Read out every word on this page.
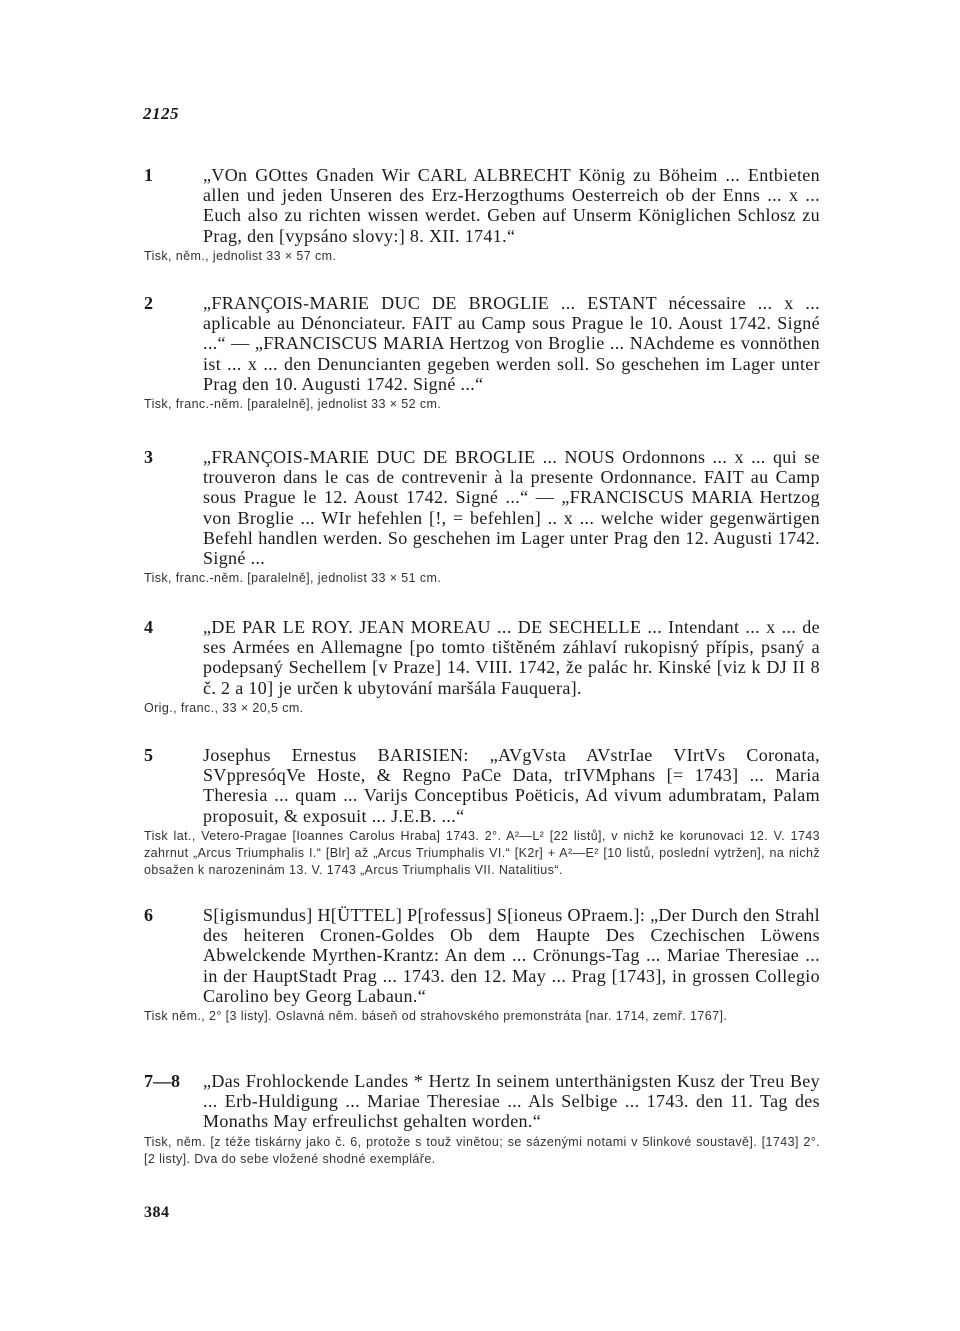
2125
1	„VOn GOttes Gnaden Wir CARL ALBRECHT König zu Böheim ... Entbieten allen und jeden Unseren des Erz-Herzogthums Oesterreich ob der Enns ... x ... Euch also zu richten wissen werdet. Geben auf Unserm Königlichen Schlosz zu Prag, den [vypsáno slovy:] 8. XII. 1741.“
Tisk, něm., jednolist 33 × 57 cm.
2	„FRANÇOIS-MARIE DUC DE BROGLIE ... ESTANT nécessaire ... x ... aplicable au Dénonciateur. FAIT au Camp sous Prague le 10. Aoust 1742. Signé ...“ — „FRANCISCUS MARIA Hertzog von Broglie ... NAchdeme es vonnöthen ist ... x ... den Denuncianten gegeben werden soll. So geschehen im Lager unter Prag den 10. Augusti 1742. Signé ...“
Tisk, franc.-něm. [paralelně], jednolist 33 × 52 cm.
3	„FRANÇOIS-MARIE DUC DE BROGLIE ... NOUS Ordonnons ... x ... qui se trouveron dans le cas de contrevenir à la presente Ordonnance. FAIT au Camp sous Prague le 12. Aoust 1742. Signé ...“ — „FRANCISCUS MARIA Hertzog von Broglie ... WIr hefehlen [!, = befehlen] .. x ... welche wider gegenwärtigen Befehl handlen werden. So geschehen im Lager unter Prag den 12. Augusti 1742. Signé ...
Tisk, franc.-něm. [paralelně], jednolist 33 × 51 cm.
4	„DE PAR LE ROY. JEAN MOREAU ... DE SECHELLE ... Intendant ... x ... de ses Armées en Allemagne [po tomto tištěném záhlaví rukopisný přípis, psaný a podepsaný Sechellem [v Praze] 14. VIII. 1742, že palác hr. Kinské [viz k DJ II 8 č. 2 a 10] je určen k ubytování maršála Fauquera].
Orig., franc., 33 × 20,5 cm.
5	Josephus Ernestus BARISIEN: „AVgVsta AVstrIae VIrtVs Coronata, SVppresóqVe Hoste, & Regno PaCe Data, trIVMphans [= 1743] ... Maria Theresia ... quam ... Varijs Conceptibus Poëticis, Ad vivum adumbratam, Palam proposuit, & exposuit ... J.E.B. ...“
Tisk lat., Vetero-Pragae [Ioannes Carolus Hraba] 1743. 2°. A²—L² [22 listů], v nichž ke korunovaci 12. V. 1743 zahrnut „Arcus Triumphalis I.“ [Blr] až „Arcus Triumphalis VI.“ [K2r] + A²—E² [10 listů, poslední vytržen], na nichž obsažen k narozeninám 13. V. 1743 „Arcus Triumphalis VII. Natalitius“.
6	S[igismundus] H[ÜTTEL] P[rofessus] S[ioneus OPraem.]: „Der Durch den Strahl des heiteren Cronen-Goldes Ob dem Haupte Des Czechischen Löwens Abwelckende Myrthen-Krantz: An dem ... Crönungs-Tag ... Mariae Theresiae ... in der HauptStadt Prag ... 1743. den 12. May ... Prag [1743], in grossen Collegio Carolino bey Georg Labaun.“
Tisk něm., 2° [3 listy]. Oslavná něm. báseň od strahovského premonstráta [nar. 1714, zemř. 1767].
7—8	„Das Frohlockende Landes * Hertz In seinem unterthänigsten Kusz der Treu Bey ... Erb-Huldigung ... Mariae Theresiae ... Als Selbige ... 1743. den 11. Tag des Monaths May erfreulichst gehalten worden.“
Tisk, něm. [z téže tiskárny jako č. 6, protože s touž vinětou; se sázenými notami v 5linkové soustavě]. [1743] 2°. [2 listy]. Dva do sebe vložené shodné exempláře.
384
